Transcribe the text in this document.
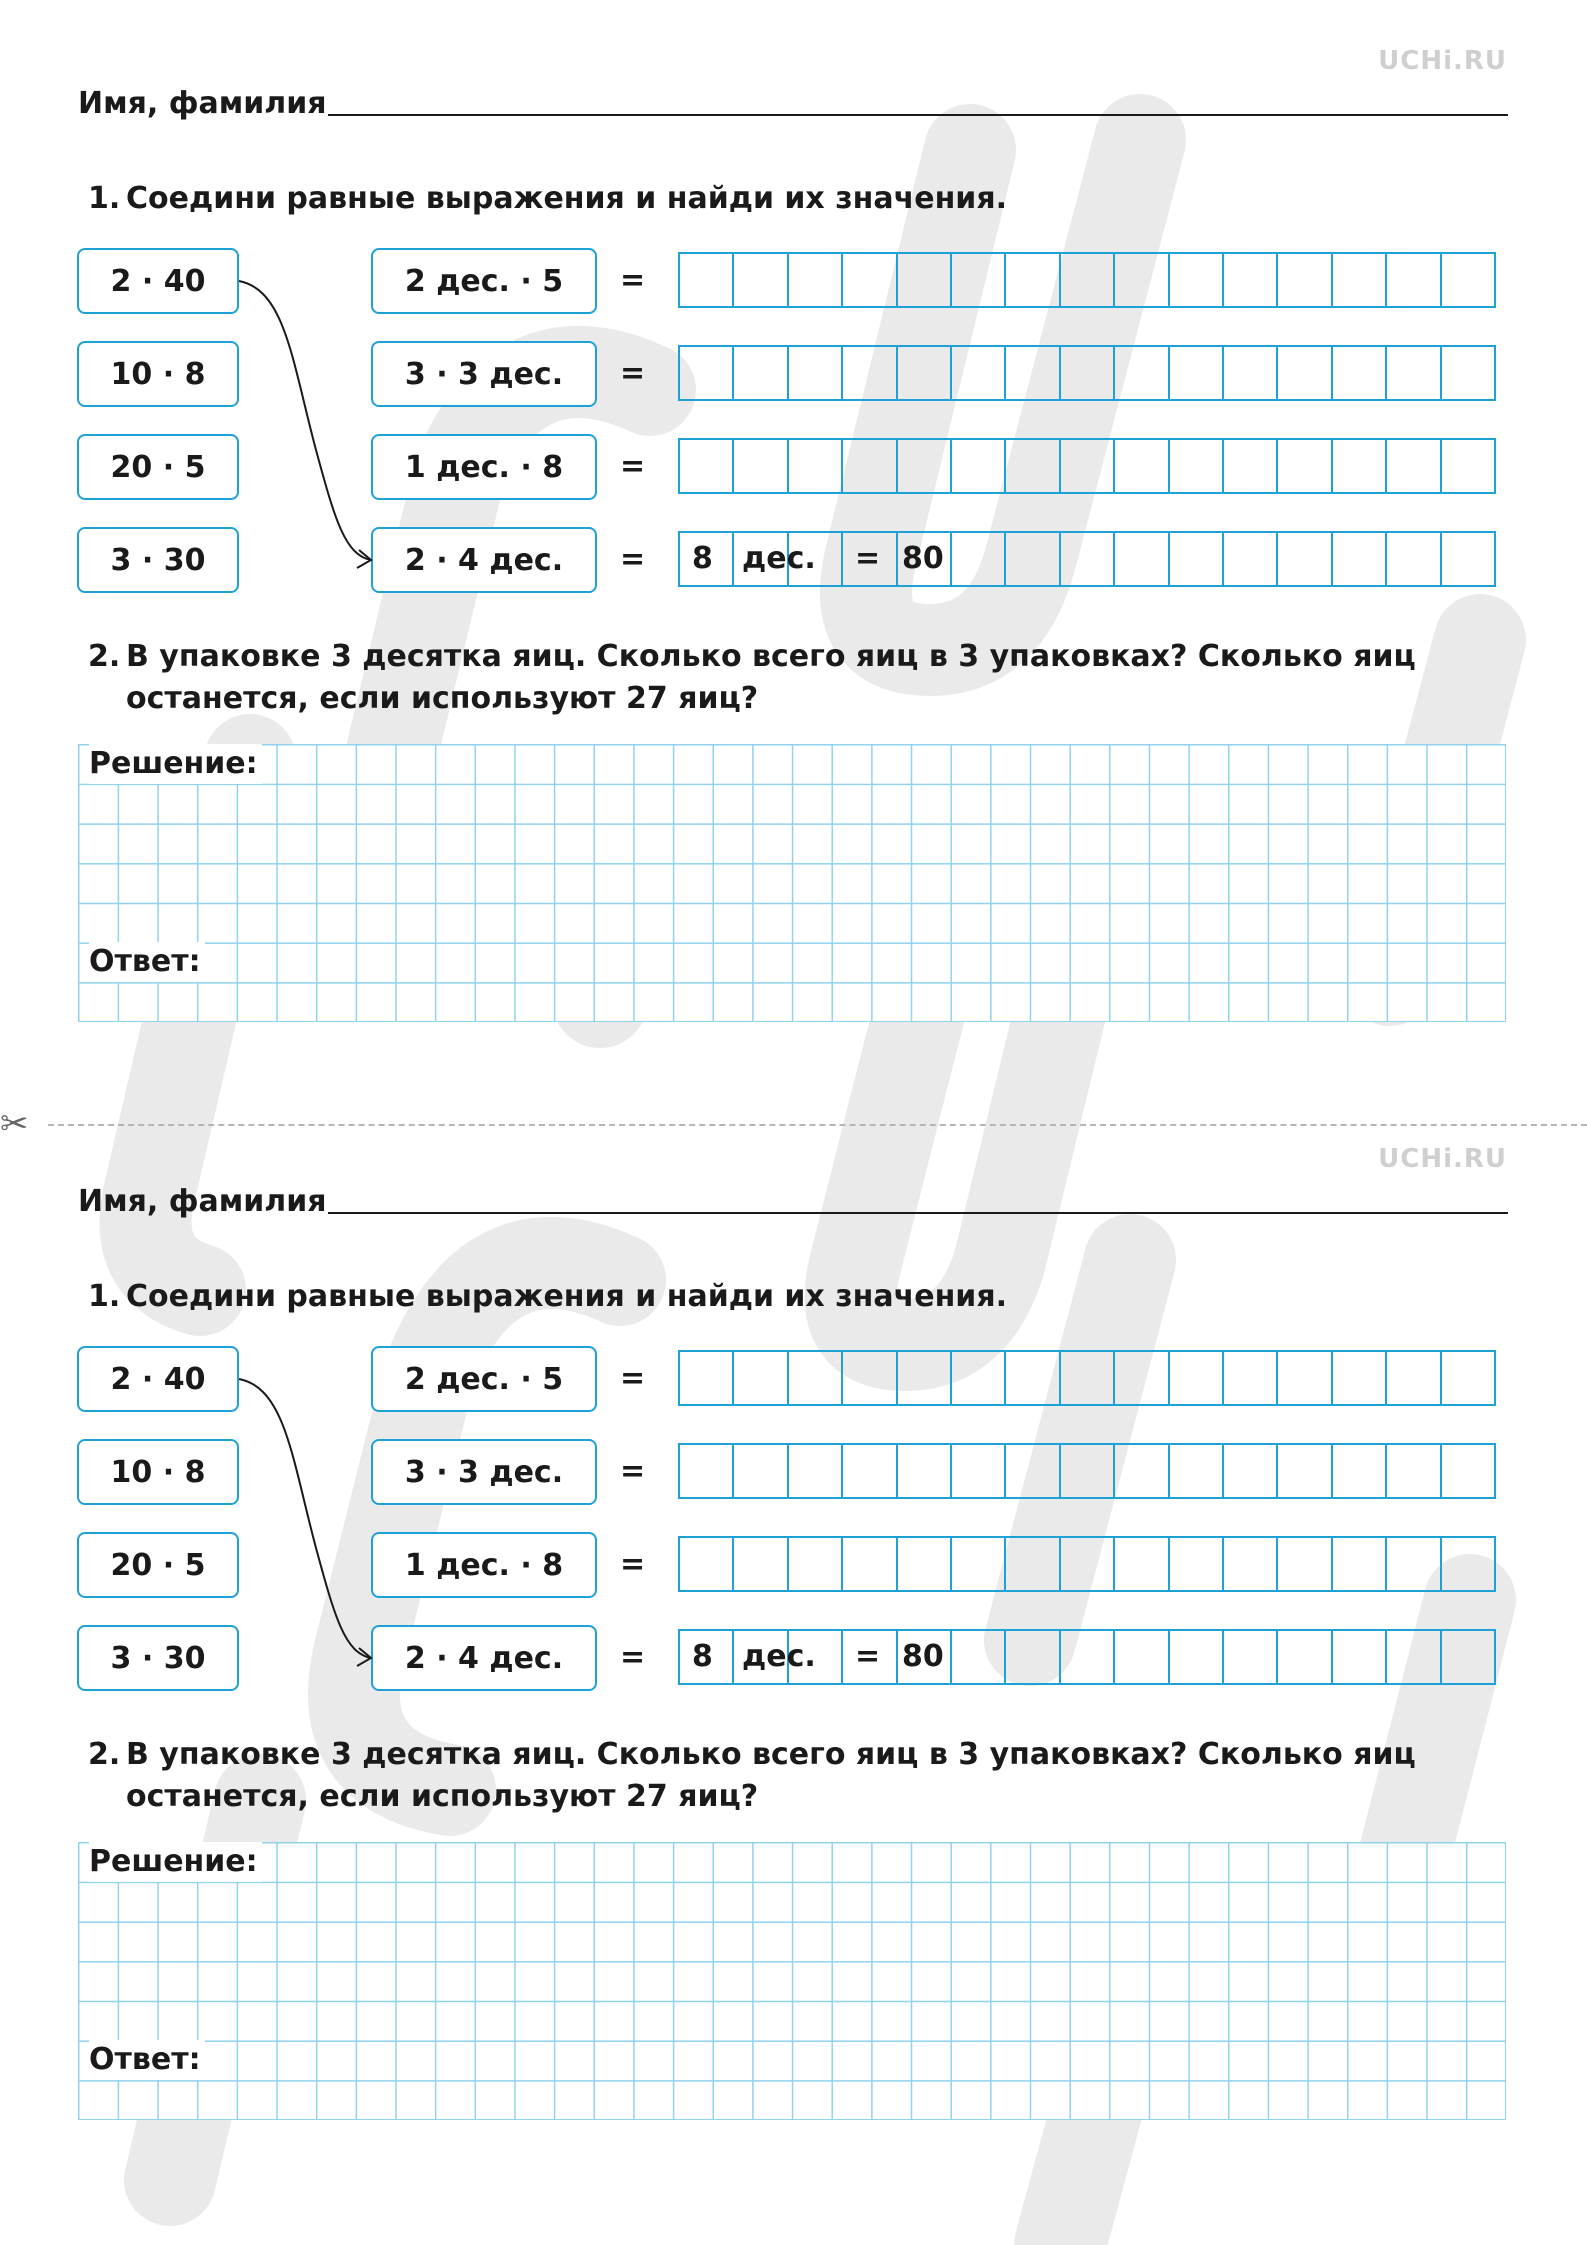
✂
UCHi.RU
Имя, фамилия
1. Соедини равные выражения и найди их значения.
2 · 40
10 · 8
20 · 5
3 · 30
2 дес. · 5
3 · 3 дес.
1 дес. · 8
2 · 4 дес.
=
=
=
= 8 дес. = 80
2. В упаковке 3 десятка яиц. Сколько всего яиц в 3 упаковках? Сколько яиц
останется, если используют 27 яиц?
Решение:
Ответ:
UCHi.RU
Имя, фамилия
1. Соедини равные выражения и найди их значения.
2 · 40
10 · 8
20 · 5
3 · 30
2 дес. · 5
3 · 3 дес.
1 дес. · 8
2 · 4 дес.
=
=
=
= 8 дес. = 80
2. В упаковке 3 десятка яиц. Сколько всего яиц в 3 упаковках? Сколько яиц
останется, если используют 27 яиц?
Решение:
Ответ:
